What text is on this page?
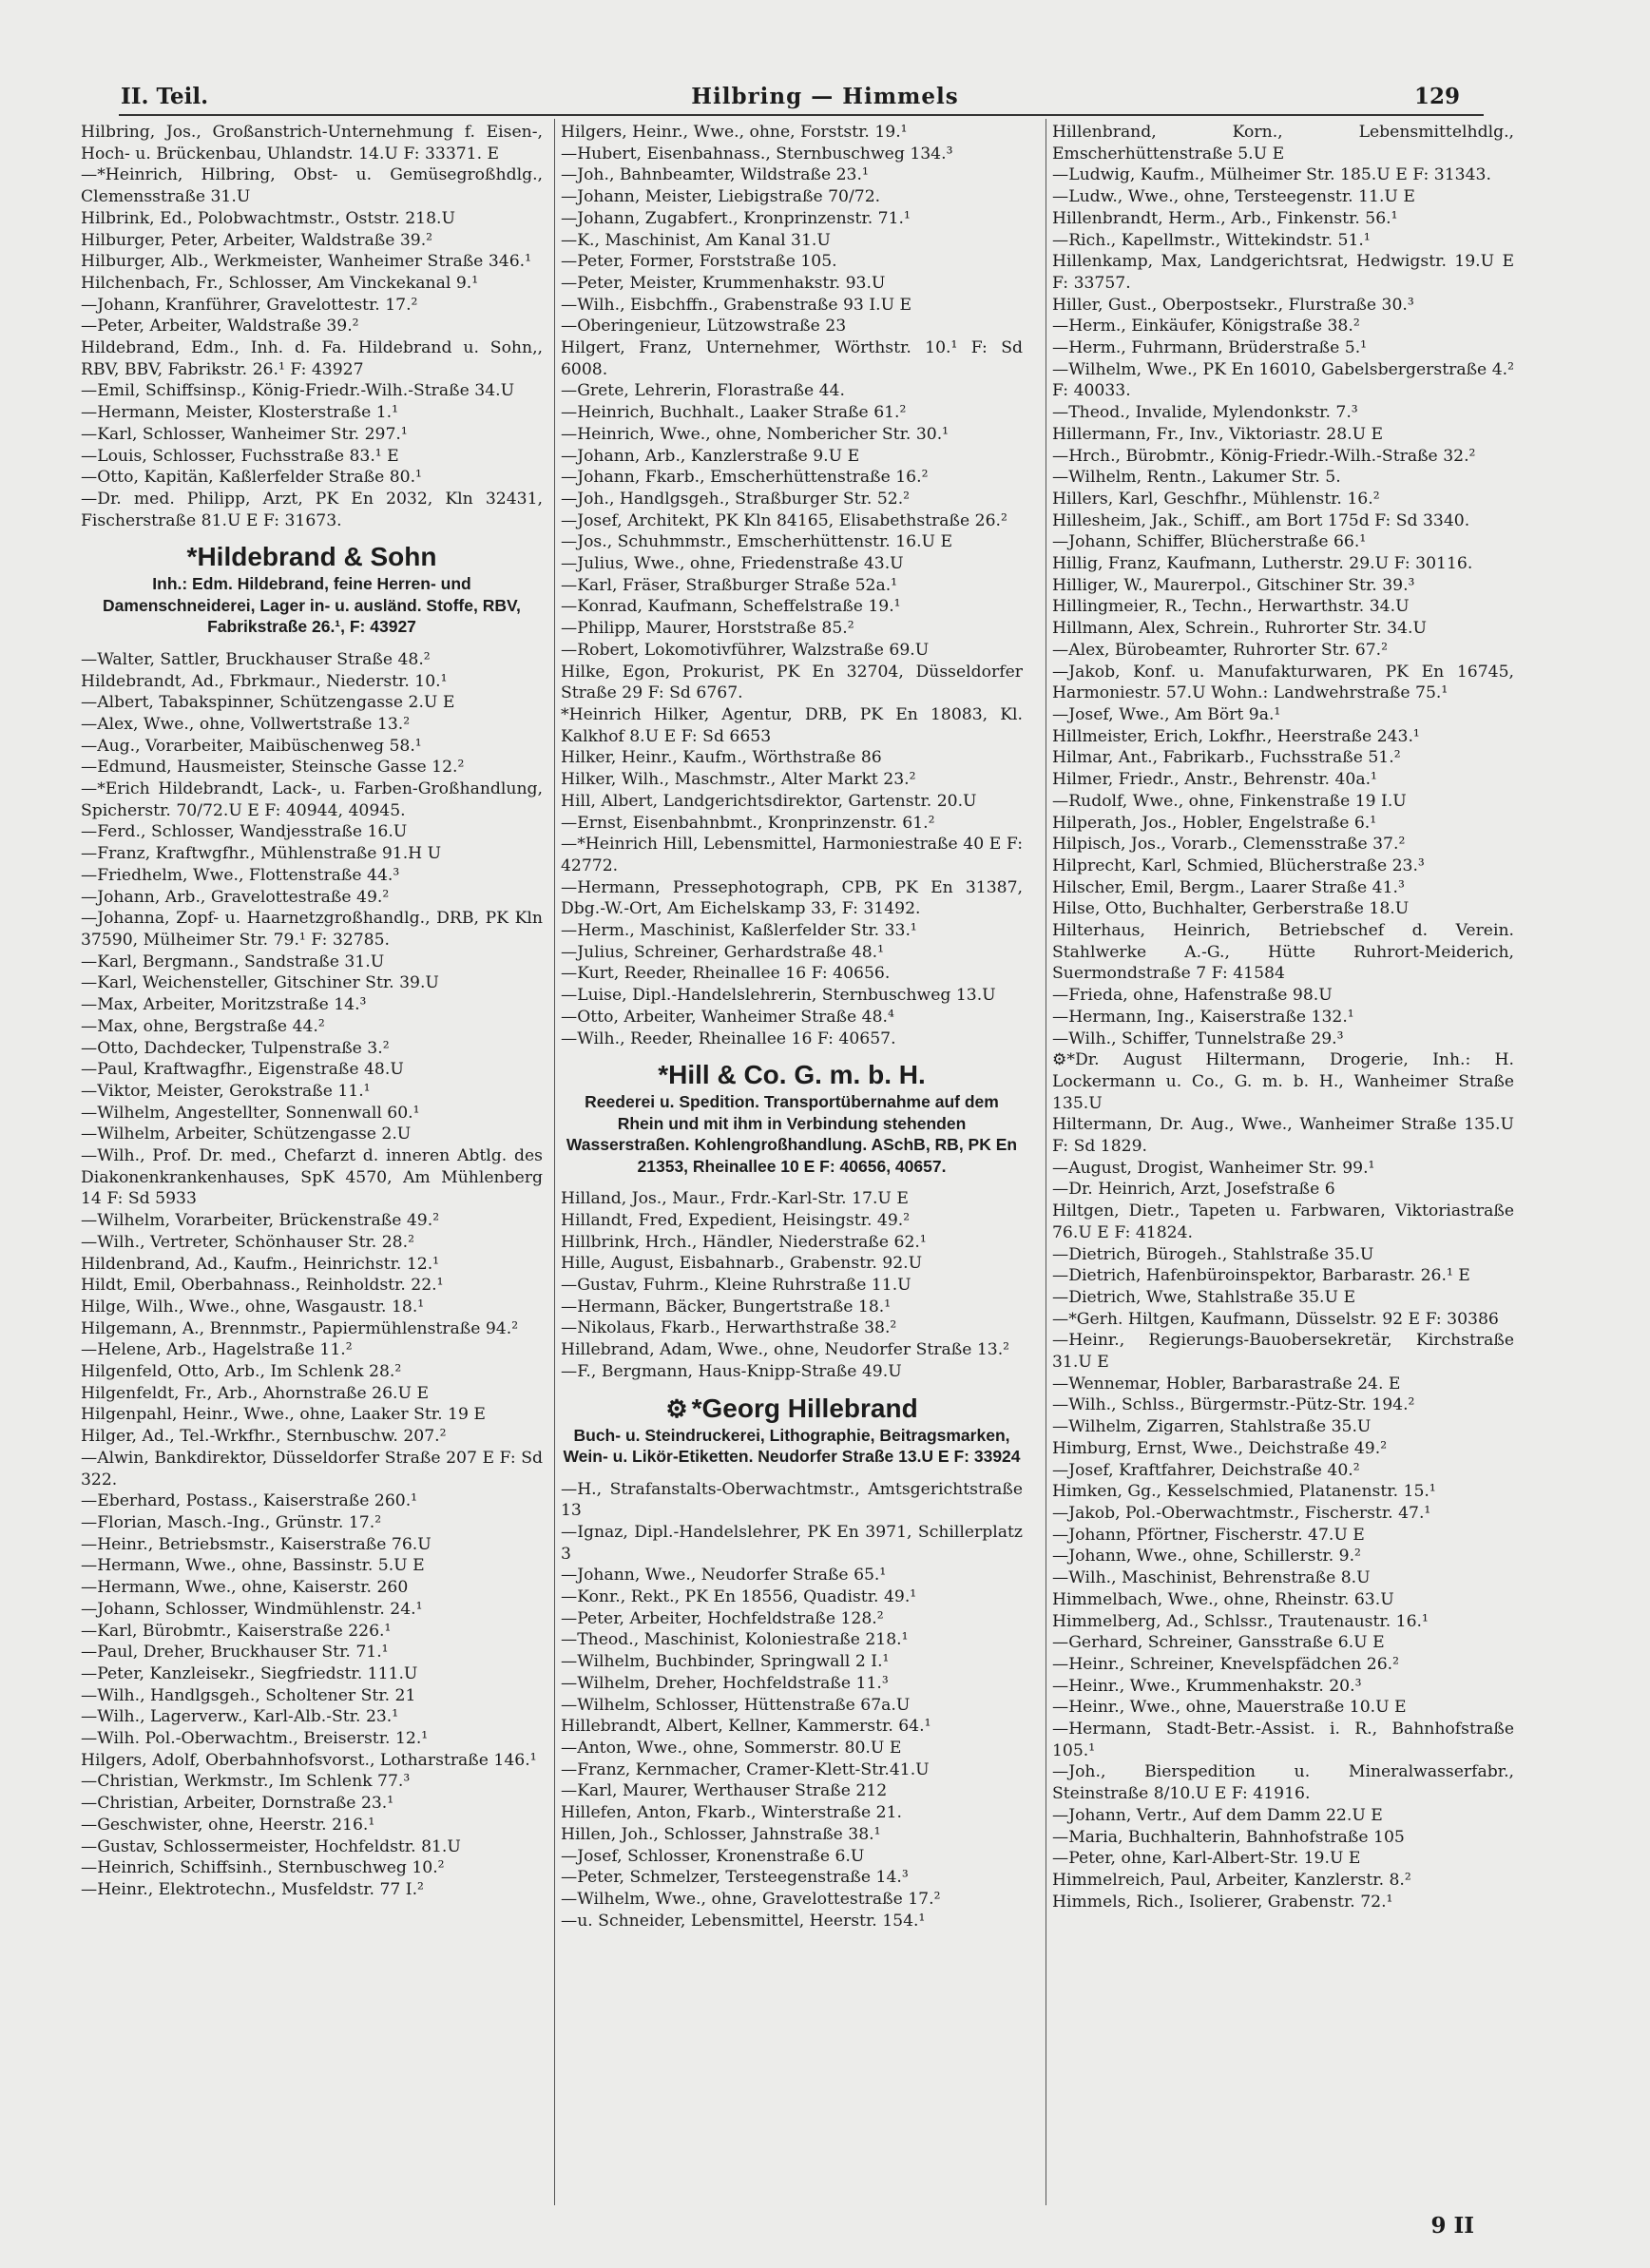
II. Teil.	Hilbring — Himmels	129
Hilbring, Jos., Großanstrich-Unternehmung f. Eisen-, Hoch- u. Brückenbau, Uhlandstr. 14.U F: 33371. E
—*Heinrich, Hilbring, Obst- u. Gemüsegroßhdlg., Clemensstraße 31.U
Hilbrink, Ed., Polobwachtmstr., Oststr. 218.U
Hilburger, Peter, Arbeiter, Waldstraße 39.²
Hilburger, Alb., Werkmeister, Wanheimer Straße 346.¹
Hilchenbach, Fr., Schlosser, Am Vinckekanal 9.¹
—Johann, Kranführer, Gravelottestr. 17.²
—Peter, Arbeiter, Waldstraße 39.²
Hildebrand, Edm., Inh. d. Fa. Hildebrand u. Sohn,, RBV, BBV, Fabrikstr. 26.¹ F: 43927
—Emil, Schiffsinsp., König-Friedr.-Wilh.-Straße 34.U
—Hermann, Meister, Klosterstraße 1.¹
—Karl, Schlosser, Wanheimer Str. 297.¹
—Louis, Schlosser, Fuchsstraße 83.¹ E
—Otto, Kapitän, Kaßlerfelder Straße 80.¹
—Dr. med. Philipp, Arzt, PK En 2032, Kln 32431, Fischerstraße 81.U E F: 31673.
*Hildebrand & Sohn
Inh.: Edm. Hildebrand, feine Herren- und Damenschneiderei, Lager in- u. ausländ. Stoffe, RBV, Fabrikstraße 26.¹, F: 43927
—Walter, Sattler, Bruckhauser Straße 48.²
Hildebrandt, Ad., Fbrkmaur., Niederstr. 10.¹
—Albert, Tabakspinner, Schützengasse 2.U E
—Alex, Wwe., ohne, Vollwertstraße 13.²
—Aug., Vorarbeiter, Maibüschenweg 58.¹
—Edmund, Hausmeister, Steinsche Gasse 12.²
—*Erich Hildebrandt, Lack-, u. Farben-Großhandlung, Spicherstr. 70/72.U E F: 40944, 40945.
—Ferd., Schlosser, Wandjesstraße 16.U
—Franz, Kraftwgfhr., Mühlenstraße 91.H U
—Friedhelm, Wwe., Flottenstraße 44.³
—Johann, Arb., Gravelottestraße 49.²
—Johanna, Zopf- u. Haarnetzgroßhandlg., DRB, PK Kln 37590, Mülheimer Str. 79.¹ F: 32785.
—Karl, Bergmann., Sandstraße 31.U
—Karl, Weichensteller, Gitschiner Str. 39.U
—Max, Arbeiter, Moritzstraße 14.³
—Max, ohne, Bergstraße 44.²
—Otto, Dachdecker, Tulpenstraße 3.²
—Paul, Kraftwagfhr., Eigenstraße 48.U
—Viktor, Meister, Gerokstraße 11.¹
—Wilhelm, Angestellter, Sonnenwall 60.¹
—Wilhelm, Arbeiter, Schützengasse 2.U
—Wilh., Prof. Dr. med., Chefarzt d. inneren Abtlg. des Diakonenkrankenhauses, SpK 4570, Am Mühlenberg 14 F: Sd 5933
—Wilhelm, Vorarbeiter, Brückenstraße 49.²
—Wilh., Vertreter, Schönhauser Str. 28.²
Hildenbrand, Ad., Kaufm., Heinrichstr. 12.¹
Hildt, Emil, Oberbahnass., Reinholdstr. 22.¹
Hilge, Wilh., Wwe., ohne, Wasgaustr. 18.¹
Hilgemann, A., Brennmstr., Papiermühlenstraße 94.²
—Helene, Arb., Hagelstraße 11.²
Hilgenfeld, Otto, Arb., Im Schlenk 28.²
Hilgenfeldt, Fr., Arb., Ahornstraße 26.U E
Hilgenpahl, Heinr., Wwe., ohne, Laaker Str. 19 E
Hilger, Ad., Tel.-Wrkfhr., Sternbuschw. 207.²
—Alwin, Bankdirektor, Düsseldorfer Straße 207 E F: Sd 322.
—Eberhard, Postass., Kaiserstraße 260.¹
—Florian, Masch.-Ing., Grünstr. 17.²
—Heinr., Betriebsmstr., Kaiserstraße 76.U
—Hermann, Wwe., ohne, Bassinstr. 5.U E
—Hermann, Wwe., ohne, Kaiserstr. 260
—Johann, Schlosser, Windmühlenstr. 24.¹
—Karl, Bürobmtr., Kaiserstraße 226.¹
—Paul, Dreher, Bruckhauser Str. 71.¹
—Peter, Kanzleisekr., Siegfriedstr. 111.U
—Wilh., Handlgsgeh., Scholtener Str. 21
—Wilh., Lagerverw., Karl-Alb.-Str. 23.¹
—Wilh. Pol.-Oberwachtm., Breiserstr. 12.¹
Hilgers, Adolf, Oberbahnhofsvorst., Lotharstraße 146.¹
—Christian, Werkmstr., Im Schlenk 77.³
—Christian, Arbeiter, Dornstraße 23.¹
—Geschwister, ohne, Heerstr. 216.¹
—Gustav, Schlossermeister, Hochfeldstr. 81.U
—Heinrich, Schiffsinh., Sternbuschweg 10.²
—Heinr., Elektrotechn., Musfeldstr. 77 I.²
Hilgers, Heinr., Wwe., ohne, Forststr. 19.¹
—Hubert, Eisenbahnass., Sternbuschweg 134.³
—Joh., Bahnbeamter, Wildstraße 23.¹
—Johann, Meister, Liebigstraße 70/72.
—Johann, Zugabfert., Kronprinzenstr. 71.¹
—K., Maschinist, Am Kanal 31.U
—Peter, Former, Forststraße 105.
—Peter, Meister, Krummenhakstr. 93.U
—Wilh., Eisbchffn., Grabenstraße 93 I.U E
—Oberingenieur, Lützowstraße 23
Hilgert, Franz, Unternehmer, Wörthstr. 10.¹ F: Sd 6008.
—Grete, Lehrerin, Florastraße 44.
—Heinrich, Buchhalt., Laaker Straße 61.²
—Heinrich, Wwe., ohne, Nombericher Str. 30.¹
—Johann, Arb., Kanzlerstraße 9.U E
—Johann, Fkarb., Emscherhüttenstraße 16.²
—Joh., Handlgsgeh., Straßburger Str. 52.²
—Josef, Architekt, PK Kln 84165, Elisabethstraße 26.²
—Jos., Schuhmmstr., Emscherhüttenstr. 16.U E
—Julius, Wwe., ohne, Friedenstraße 43.U
—Karl, Fräser, Straßburger Straße 52a.¹
—Konrad, Kaufmann, Scheffelstraße 19.¹
—Philipp, Maurer, Horststraße 85.²
—Robert, Lokomotivführer, Walzstraße 69.U
Hilke, Egon, Prokurist, PK En 32704, Düsseldorfer Straße 29 F: Sd 6767.
*Heinrich Hilker, Agentur, DRB, PK En 18083, Kl. Kalkhof 8.U E F: Sd 6653
Hilker, Heinr., Kaufm., Wörthstraße 86
Hilker, Wilh., Maschmstr., Alter Markt 23.²
Hill, Albert, Landgerichtsdirektor, Gartenstr. 20.U
—Ernst, Eisenbahnbmt., Kronprinzenstr. 61.²
—*Heinrich Hill, Lebensmittel, Harmoniestraße 40 E F: 42772.
—Hermann, Pressephotograph, CPB, PK En 31387, Dbg.-W.-Ort, Am Eichelskamp 33, F: 31492.
—Herm., Maschinist, Kaßlerfelder Str. 33.¹
—Julius, Schreiner, Gerhardstraße 48.¹
—Kurt, Reeder, Rheinallee 16 F: 40656.
—Luise, Dipl.-Handelslehrerin, Sternbuschweg 13.U
—Otto, Arbeiter, Wanheimer Straße 48.⁴
—Wilh., Reeder, Rheinallee 16 F: 40657.
*Hill & Co. G. m. b. H.
Reederei u. Spedition. Transportübernahme auf dem Rhein und mit ihm in Verbindung stehenden Wasserstraßen. Kohlengroßhandlung. ASchB, RB, PK En 21353, Rheinallee 10 E F: 40656, 40657.
Hilland, Jos., Maur., Frdr.-Karl-Str. 17.U E
Hillandt, Fred, Expedient, Heisingstr. 49.²
Hillbrink, Hrch., Händler, Niederstraße 62.¹
Hille, August, Eisbahnarb., Grabenstr. 92.U
—Gustav, Fuhrm., Kleine Ruhrstraße 11.U
—Hermann, Bäcker, Bungertstraße 18.¹
—Nikolaus, Fkarb., Herwarthstraße 38.²
Hillebrand, Adam, Wwe., ohne, Neudorfer Straße 13.²
—F., Bergmann, Haus-Knipp-Straße 49.U
⚙ *Georg Hillebrand
Buch- u. Steindruckerei, Lithographie, Beitragsmarken, Wein- u. Likör-Etiketten. Neudorfer Straße 13.U E F: 33924
—H., Strafanstalts-Oberwachtmstr., Amtsgerichtstraße 13
—Ignaz, Dipl.-Handelslehrer, PK En 3971, Schillerplatz 3
—Johann, Wwe., Neudorfer Straße 65.¹
—Konr., Rekt., PK En 18556, Quadistr. 49.¹
—Peter, Arbeiter, Hochfeldstraße 128.²
—Theod., Maschinist, Koloniestraße 218.¹
—Wilhelm, Buchbinder, Springwall 2 I.¹
—Wilhelm, Dreher, Hochfeldstraße 11.³
—Wilhelm, Schlosser, Hüttenstraße 67a.U
Hillebrandt, Albert, Kellner, Kammerstr. 64.¹
—Anton, Wwe., ohne, Sommerstr. 80.U E
—Franz, Kernmacher, Cramer-Klett-Str.41.U
—Karl, Maurer, Werthauser Straße 212
Hillefen, Anton, Fkarb., Winterstraße 21.
Hillen, Joh., Schlosser, Jahnstraße 38.¹
—Josef, Schlosser, Kronenstraße 6.U
—Peter, Schmelzer, Tersteegenstraße 14.³
—Wilhelm, Wwe., ohne, Gravelottestraße 17.²
—u. Schneider, Lebensmittel, Heerstr. 154.¹
Hillenbrand, Korn., Lebensmittelhdlg., Emscherhüttenstraße 5.U E
—Ludwig, Kaufm., Mülheimer Str. 185.U E F: 31343.
—Ludw., Wwe., ohne, Tersteegenstr. 11.U E
Hillenbrandt, Herm., Arb., Finkenstr. 56.¹
—Rich., Kapellmstr., Wittekindstr. 51.¹
Hillenkamp, Max, Landgerichtsrat, Hedwigstr. 19.U E F: 33757.
Hiller, Gust., Oberpostsekr., Flurstraße 30.³
—Herm., Einkäufer, Königstraße 38.²
—Herm., Fuhrmann, Brüderstraße 5.¹
—Wilhelm, Wwe., PK En 16010, Gabelsbergerstraße 4.² F: 40033.
—Theod., Invalide, Mylendonkstr. 7.³
Hillermann, Fr., Inv., Viktoriastr. 28.U E
—Hrch., Bürobmtr., König-Friedr.-Wilh.-Straße 32.²
—Wilhelm, Rentn., Lakumer Str. 5.
Hillers, Karl, Geschfhr., Mühlenstr. 16.²
Hillesheim, Jak., Schiff., am Bort 175d F: Sd 3340.
—Johann, Schiffer, Blücherstraße 66.¹
Hillig, Franz, Kaufmann, Lutherstr. 29.U F: 30116.
Hilliger, W., Maurerpol., Gitschiner Str. 39.³
Hillingmeier, R., Techn., Herwarthstr. 34.U
Hillmann, Alex, Schrein., Ruhrorter Str. 34.U
—Alex, Bürobeamter, Ruhrorter Str. 67.²
—Jakob, Konf. u. Manufakturwaren, PK En 16745, Harmoniestr. 57.U Wohn.: Landwehrstraße 75.¹
—Josef, Wwe., Am Bört 9a.¹
Hillmeister, Erich, Lokfhr., Heerstraße 243.¹
Hilmar, Ant., Fabrikarb., Fuchsstraße 51.²
Hilmer, Friedr., Anstr., Behrenstr. 40a.¹
—Rudolf, Wwe., ohne, Finkenstraße 19 I.U
Hilperath, Jos., Hobler, Engelstraße 6.¹
Hilpisch, Jos., Vorarb., Clemensstraße 37.²
Hilprecht, Karl, Schmied, Blücherstraße 23.³
Hilscher, Emil, Bergm., Laarer Straße 41.³
Hilse, Otto, Buchhalter, Gerberstraße 18.U
Hilterhaus, Heinrich, Betriebschef d. Verein. Stahlwerke A.-G., Hütte Ruhrort-Meiderich, Suermondstraße 7 F: 41584
—Frieda, ohne, Hafenstraße 98.U
—Hermann, Ing., Kaiserstraße 132.¹
—Wilh., Schiffer, Tunnelstraße 29.³
⚙*Dr. August Hiltermann, Drogerie, Inh.: H. Lockermann u. Co., G. m. b. H., Wanheimer Straße 135.U
Hiltermann, Dr. Aug., Wwe., Wanheimer Straße 135.U F: Sd 1829.
—August, Drogist, Wanheimer Str. 99.¹
—Dr. Heinrich, Arzt, Josefstraße 6
Hiltgen, Dietr., Tapeten u. Farbwaren, Viktoriastraße 76.U E F: 41824.
—Dietrich, Bürogeh., Stahlstraße 35.U
—Dietrich, Hafenbüroinspektor, Barbarastr. 26.¹ E
—Dietrich, Wwe, Stahlstraße 35.U E
—*Gerh. Hiltgen, Kaufmann, Düsselstr. 92 E F: 30386
—Heinr., Regierungs-Bauobersekretär, Kirchstraße 31.U E
—Wennemar, Hobler, Barbarastraße 24. E
—Wilh., Schlss., Bürgermstr.-Pütz-Str. 194.²
—Wilhelm, Zigarren, Stahlstraße 35.U
Himburg, Ernst, Wwe., Deichstraße 49.²
—Josef, Kraftfahrer, Deichstraße 40.²
Himken, Gg., Kesselschmied, Platanenstr. 15.¹
—Jakob, Pol.-Oberwachtmstr., Fischerstr. 47.¹
—Johann, Pförtner, Fischerstr. 47.U E
—Johann, Wwe., ohne, Schillerstr. 9.²
—Wilh., Maschinist, Behrenstraße 8.U
Himmelbach, Wwe., ohne, Rheinstr. 63.U
Himmelberg, Ad., Schlssr., Trautenaustr. 16.¹
—Gerhard, Schreiner, Gansstraße 6.U E
—Heinr., Schreiner, Knevelspfädchen 26.²
—Heinr., Wwe., Krummenhakstr. 20.³
—Heinr., Wwe., ohne, Mauerstraße 10.U E
—Hermann, Stadt-Betr.-Assist. i. R., Bahnhofstraße 105.¹
—Joh., Bierspedition u. Mineralwasserfabr., Steinstraße 8/10.U E F: 41916.
—Johann, Vertr., Auf dem Damm 22.U E
—Maria, Buchhalterin, Bahnhofstraße 105
—Peter, ohne, Karl-Albert-Str. 19.U E
Himmelreich, Paul, Arbeiter, Kanzlerstr. 8.²
Himmels, Rich., Isolierer, Grabenstr. 72.¹
9 II
